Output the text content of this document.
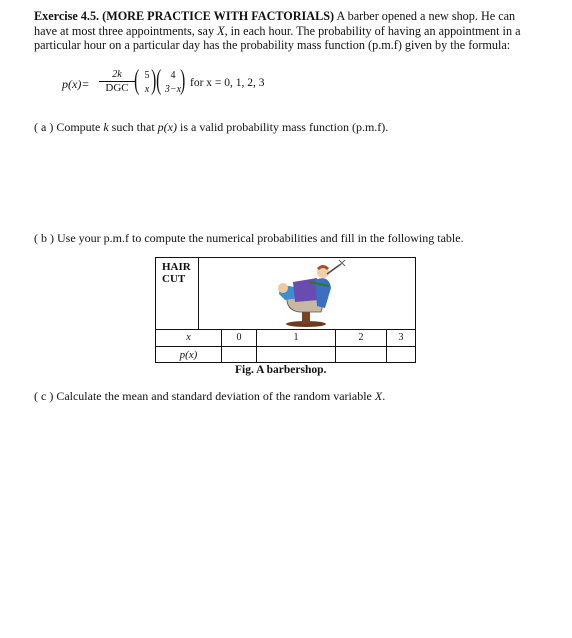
Exercise 4.5. (MORE PRACTICE WITH FACTORIALS) A barber opened a new shop. He can have at most three appointments, say X, in each hour. The probability of having an appointment in a particular hour on a particular day has the probability mass function (p.m.f) given by the formula:
p(x)=
2k
DGC ( 5
x ) ( 4
3−x ) for x = 0, 1, 2, 3
( a ) Compute k such that p(x) is a valid probability mass function (p.m.f).
( b ) Use your p.m.f to compute the numerical probabilities and fill in the following table.
HAIR
CUT
x	0	1	2	3
p(x)
Fig. A barbershop.
( c ) Calculate the mean and standard deviation of the random variable X.
